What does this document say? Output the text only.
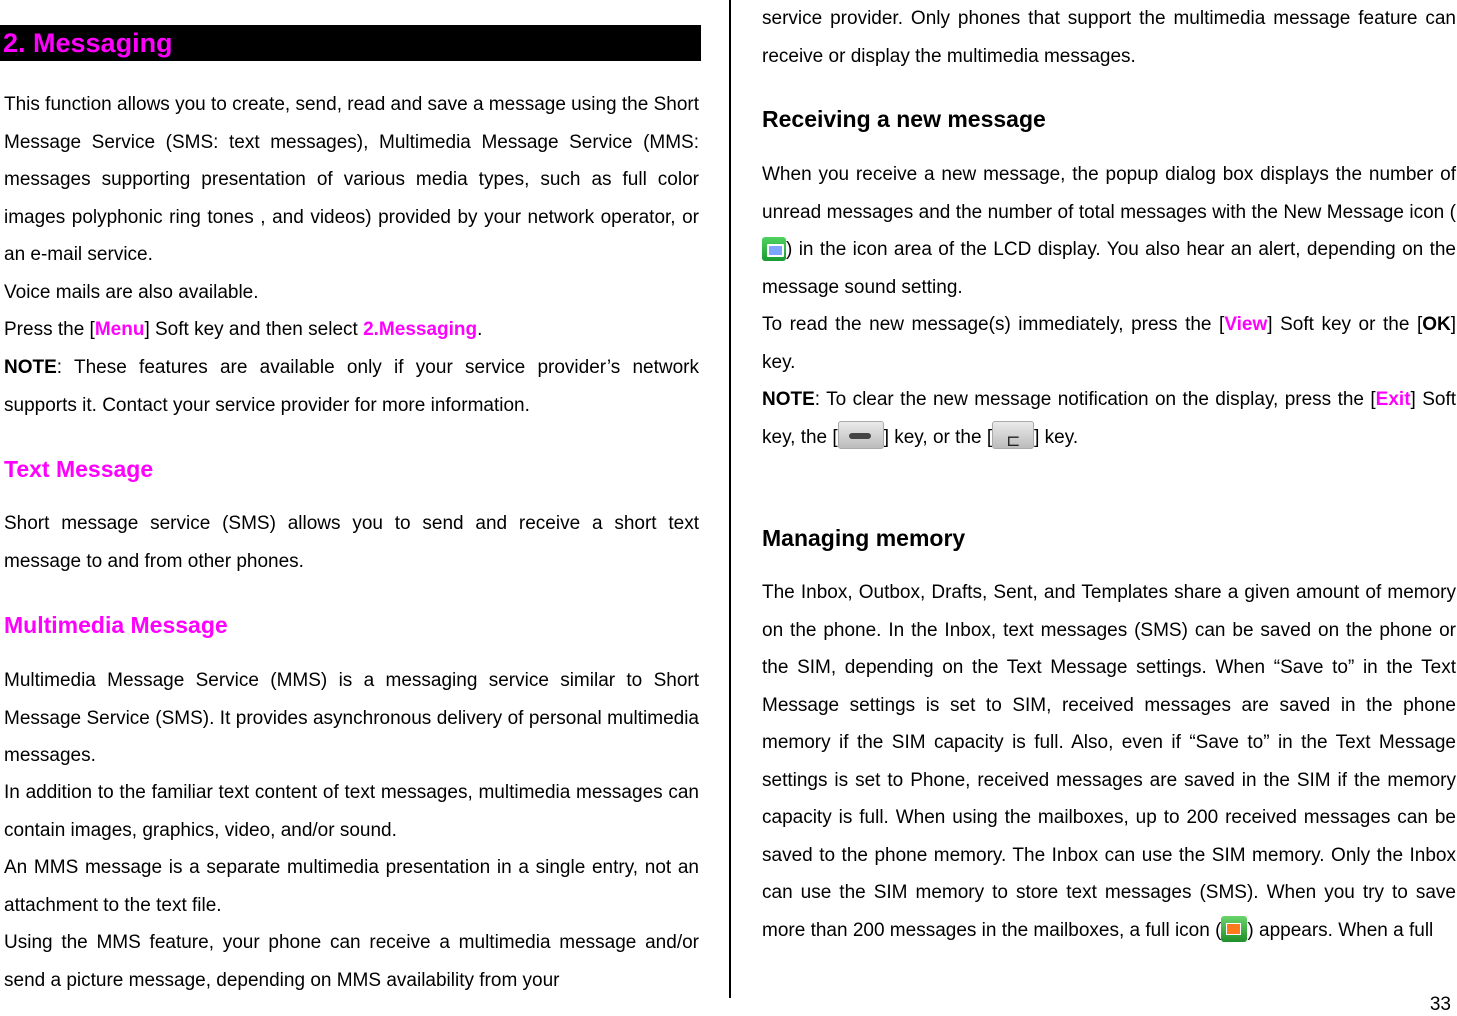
2. Messaging

This function allows you to create, send, read and save a message using the Short Message Service (SMS: text messages), Multimedia Message Service (MMS: messages supporting presentation of various media types, such as full color images polyphonic ring tones , and videos) provided by your network operator, or an e-mail service.

Voice mails are also available.

Press the [Menu] Soft key and then select 2.Messaging.

NOTE: These features are available only if your service provider’s network supports it. Contact your service provider for more information.

Text Message

Short message service (SMS) allows you to send and receive a short text message to and from other phones.

Multimedia Message

Multimedia Message Service (MMS) is a messaging service similar to Short Message Service (SMS). It provides asynchronous delivery of personal multimedia messages.

In addition to the familiar text content of text messages, multimedia messages can contain images, graphics, video, and/or sound.

An MMS message is a separate multimedia presentation in a single entry, not an attachment to the text file.

Using the MMS feature, your phone can receive a multimedia message and/or send a picture message, depending on MMS availability from your

service provider. Only phones that support the multimedia message feature can receive or display the multimedia messages.

Receiving a new message

When you receive a new message, the popup dialog box displays the number of unread messages and the number of total messages with the New Message icon () in the icon area of the LCD display. You also hear an alert, depending on the message sound setting.

To read the new message(s) immediately, press the [View] Soft key or the [OK] key.

NOTE: To clear the new message notification on the display, press the [Exit] Soft key, the [ ] key, or the [⊏ ] key.

Managing memory

The Inbox, Outbox, Drafts, Sent, and Templates share a given amount of memory on the phone. In the Inbox, text messages (SMS) can be saved on the phone or the SIM, depending on the Text Message settings. When “Save to” in the Text Message settings is set to SIM, received messages are saved in the phone memory if the SIM capacity is full. Also, even if “Save to” in the Text Message settings is set to Phone, received messages are saved in the SIM if the memory capacity is full. When using the mailboxes, up to 200 received messages can be saved to the phone memory. The Inbox can use the SIM memory. Only the Inbox can use the SIM memory to store text messages (SMS). When you try to save more than 200 messages in the mailboxes, a full icon ( ) appears. When a full

33
